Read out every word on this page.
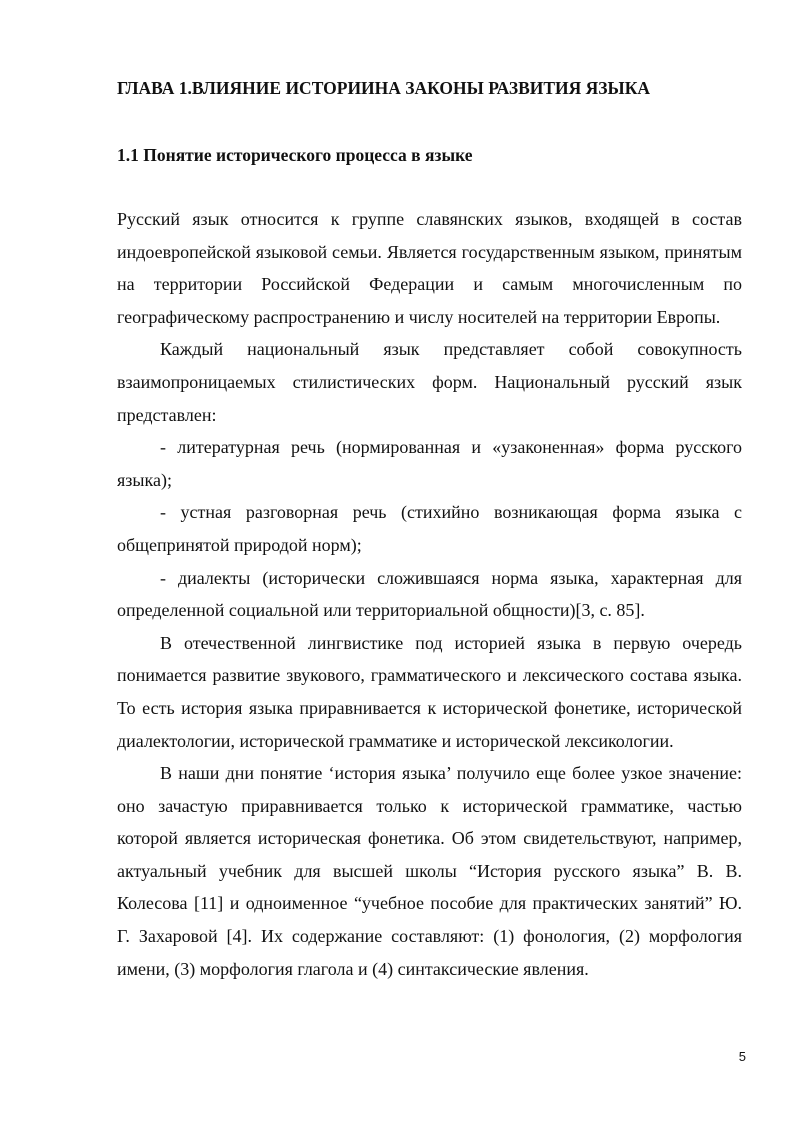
ГЛАВА 1.ВЛИЯНИЕ ИСТОРИИНА ЗАКОНЫ РАЗВИТИЯ ЯЗЫКА
1.1 Понятие исторического процесса в языке

Русский язык относится к группе славянских языков, входящей в состав индоевропейской языковой семьи. Является государственным языком, принятым на территории Российской Федерации и самым многочисленным по географическому распространению и числу носителей на территории Европы.

Каждый национальный язык представляет собой совокупность взаимопроницаемых стилистических форм. Национальный русский язык представлен:

- литературная речь (нормированная и «узаконенная» форма русского языка);

- устная разговорная речь (стихийно возникающая форма языка с общепринятой природой норм);

- диалекты (исторически сложившаяся норма языка, характерная для определенной социальной или территориальной общности)[3, с. 85].

В отечественной лингвистике под историей языка в первую очередь понимается развитие звукового, грамматического и лексического состава языка. То есть история языка приравнивается к исторической фонетике, исторической диалектологии, исторической грамматике и исторической лексикологии.

В наши дни понятие ‘история языка’ получило еще более узкое значение: оно зачастую приравнивается только к исторической грамматике, частью которой является историческая фонетика. Об этом свидетельствуют, например, актуальный учебник для высшей школы “История русского языка” В. В. Колесова [11] и одноименное “учебное пособие для практических занятий” Ю. Г. Захаровой [4]. Их содержание составляют: (1) фонология, (2) морфология имени, (3) морфология глагола и (4) синтаксические явления.

5
